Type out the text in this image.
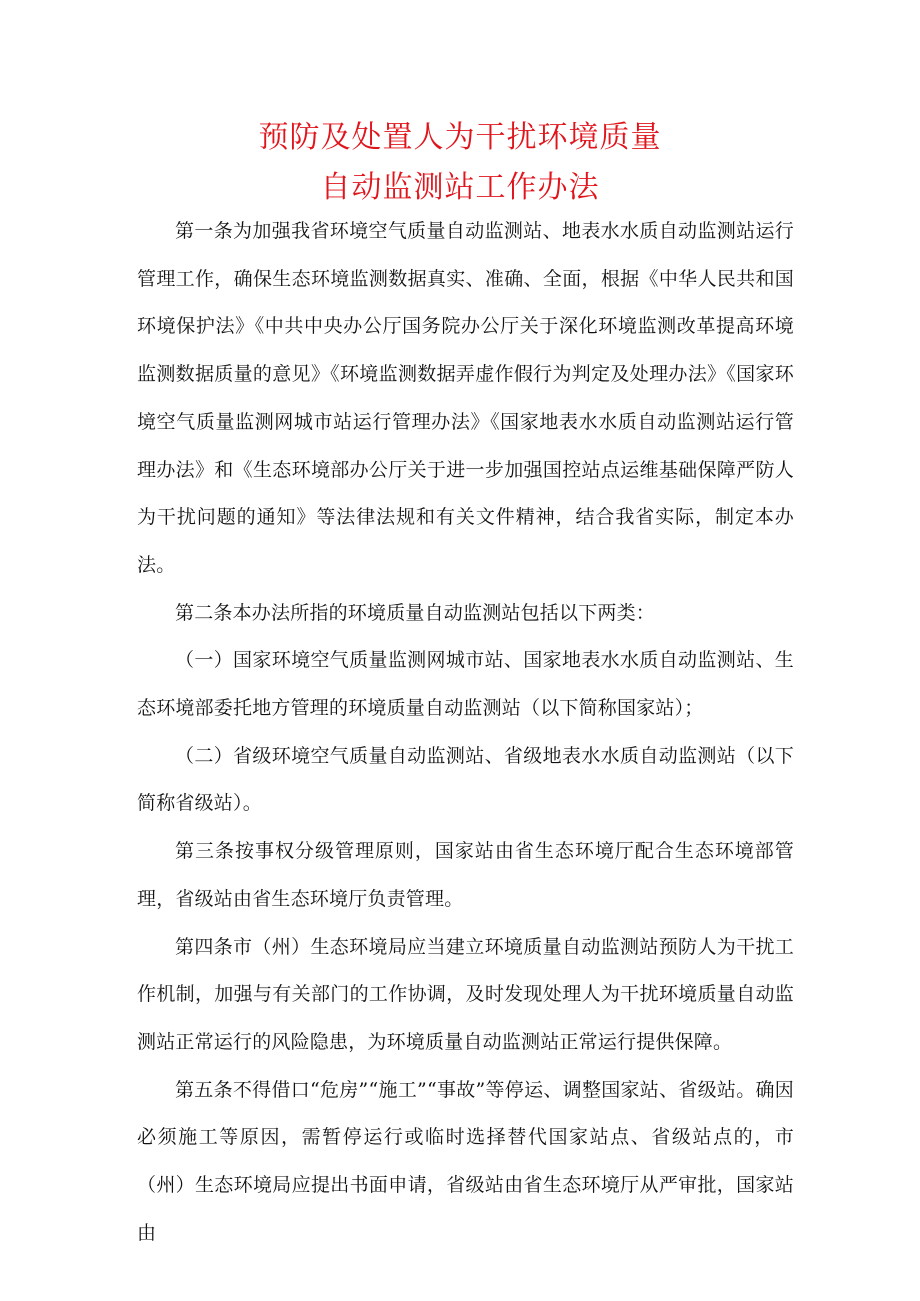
预防及处置人为干扰环境质量
自动监测站工作办法

第一条为加强我省环境空气质量自动监测站、地表水水质自动监测站运行管理工作，确保生态环境监测数据真实、准确、全面，根据《中华人民共和国环境保护法》《中共中央办公厅国务院办公厅关于深化环境监测改革提高环境监测数据质量的意见》《环境监测数据弄虚作假行为判定及处理办法》《国家环境空气质量监测网城市站运行管理办法》《国家地表水水质自动监测站运行管理办法》和《生态环境部办公厅关于进一步加强国控站点运维基础保障严防人为干扰问题的通知》等法律法规和有关文件精神，结合我省实际，制定本办法。

第二条本办法所指的环境质量自动监测站包括以下两类：

（一）国家环境空气质量监测网城市站、国家地表水水质自动监测站、生态环境部委托地方管理的环境质量自动监测站（以下简称国家站）；

（二）省级环境空气质量自动监测站、省级地表水水质自动监测站（以下简称省级站）。

第三条按事权分级管理原则，国家站由省生态环境厅配合生态环境部管理，省级站由省生态环境厅负责管理。

第四条市（州）生态环境局应当建立环境质量自动监测站预防人为干扰工作机制，加强与有关部门的工作协调，及时发现处理人为干扰环境质量自动监测站正常运行的风险隐患，为环境质量自动监测站正常运行提供保障。

第五条不得借口“危房”“施工”“事故”等停运、调整国家站、省级站。确因必须施工等原因，需暂停运行或临时选择替代国家站点、省级站点的，市（州）生态环境局应提出书面申请，省级站由省生态环境厅从严审批，国家站由
